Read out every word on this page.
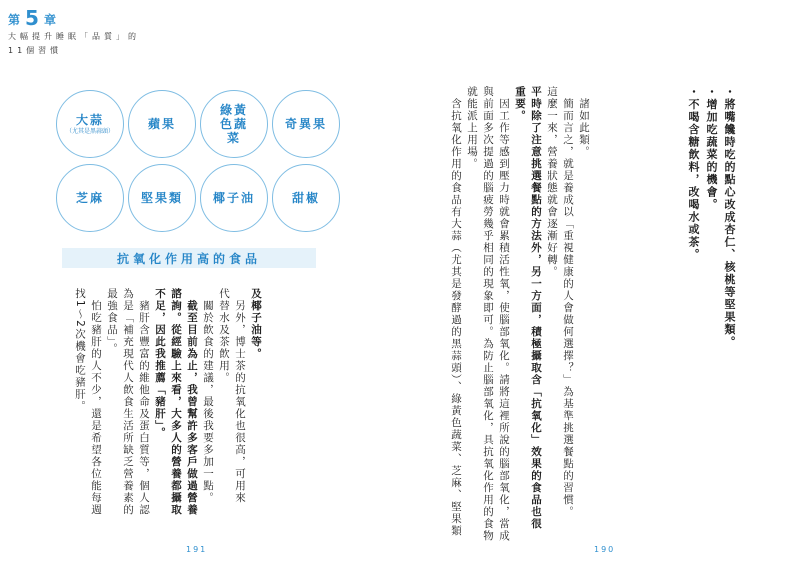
第 5 章
大幅提升睡眠「品質」的
11個習慣
大蒜
（尤其是黑蒜頭）	蘋果
綠黃色蔬菜
奇異果
芝麻	堅果類 椰子油	甜椒
抗氧化作用高的食品

及椰子油等。

　另外，博士茶的抗氧化也很高，可用來

代替水及茶飲用。

　關於飲食的建議，最後我要多加一點。

　截至目前為止，我曾幫許多客戶做過營養

諮詢。從經驗上來看，大多人的營養都攝取

不足，因此我推薦「豬肝」。

　豬肝含豐富的維他命及蛋白質等，個人認

為是「補充現代人飲食生活所缺乏營養素的

最強食品」。

　怕吃豬肝的人不少，還是希望各位能每週

找1～2次機會吃豬肝。

191

・將嘴饞時吃的點心改成杏仁、核桃等堅果類。

・增加吃蔬菜的機會。

・不喝含糖飲料，改喝水或茶。

　諸如此類。

　簡而言之，就是養成以「重視健康的人會做何選擇？」為基準挑選餐點的習慣。

這麼一來，營養狀態就會逐漸好轉。

平時除了注意挑選餐點的方法外，另一方面，積極攝取含「抗氧化」效果的食品也很

重要。

　因工作等感到壓力時就會累積活性氧，使腦部氧化。請將這裡所說的腦部氧化，當成

與前面多次提過的腦疲勞幾乎相同的現象即可。為防止腦部氧化，具抗氧化作用的食物

就能派上用場。

　含抗氧化作用的食品有大蒜（尤其是發酵過的黑蒜頭）、綠黃色蔬菜、芝麻、堅果類

190
